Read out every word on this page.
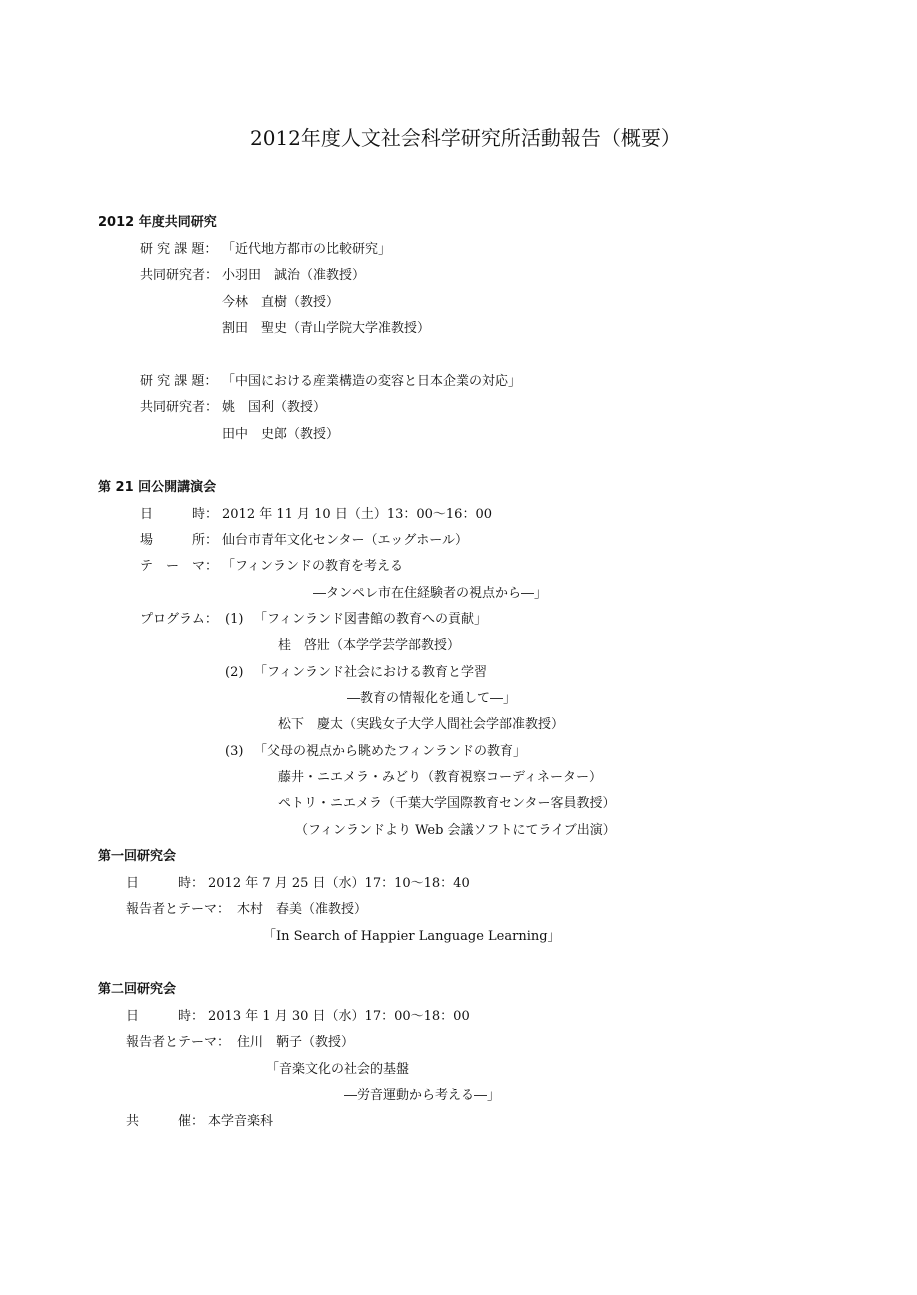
2012年度人文社会科学研究所活動報告（概要）
2012 年度共同研究
研 究 課 題： 「近代地方都市の比較研究」
共同研究者： 小羽田　誠治（准教授）
今林　直樹（教授）
割田　聖史（青山学院大学准教授）
研 究 課 題： 「中国における産業構造の変容と日本企業の対応」
共同研究者： 姚　国利（教授）
田中　史郎（教授）
第 21 回公開講演会
日　　　時： 2012 年 11 月 10 日（土）13：00〜16：00
場　　　所： 仙台市青年文化センター（エッグホール）
テ　ー　マ： 「フィンランドの教育を考える
―タンペレ市在住経験者の視点から―」
プログラム： (1) 「フィンランド図書館の教育への貢献」
桂　啓壯（本学学芸学部教授）
(2) 「フィンランド社会における教育と学習
―教育の情報化を通して―」
松下　慶太（実践女子大学人間社会学部准教授）
(3) 「父母の視点から眺めたフィンランドの教育」
藤井・ニエメラ・みどり（教育視察コーディネーター）
ペトリ・ニエメラ（千葉大学国際教育センター客員教授）
（フィンランドより Web 会議ソフトにてライブ出演）
第一回研究会
日　　　時： 2012 年 7 月 25 日（水）17：10〜18：40
報告者とテーマ： 木村　春美（准教授）
「In Search of Happier Language Learning」
第二回研究会
日　　　時： 2013 年 1 月 30 日（水）17：00〜18：00
報告者とテーマ： 住川　鞆子（教授）
「音楽文化の社会的基盤
―労音運動から考える―」
共　　　催： 本学音楽科
